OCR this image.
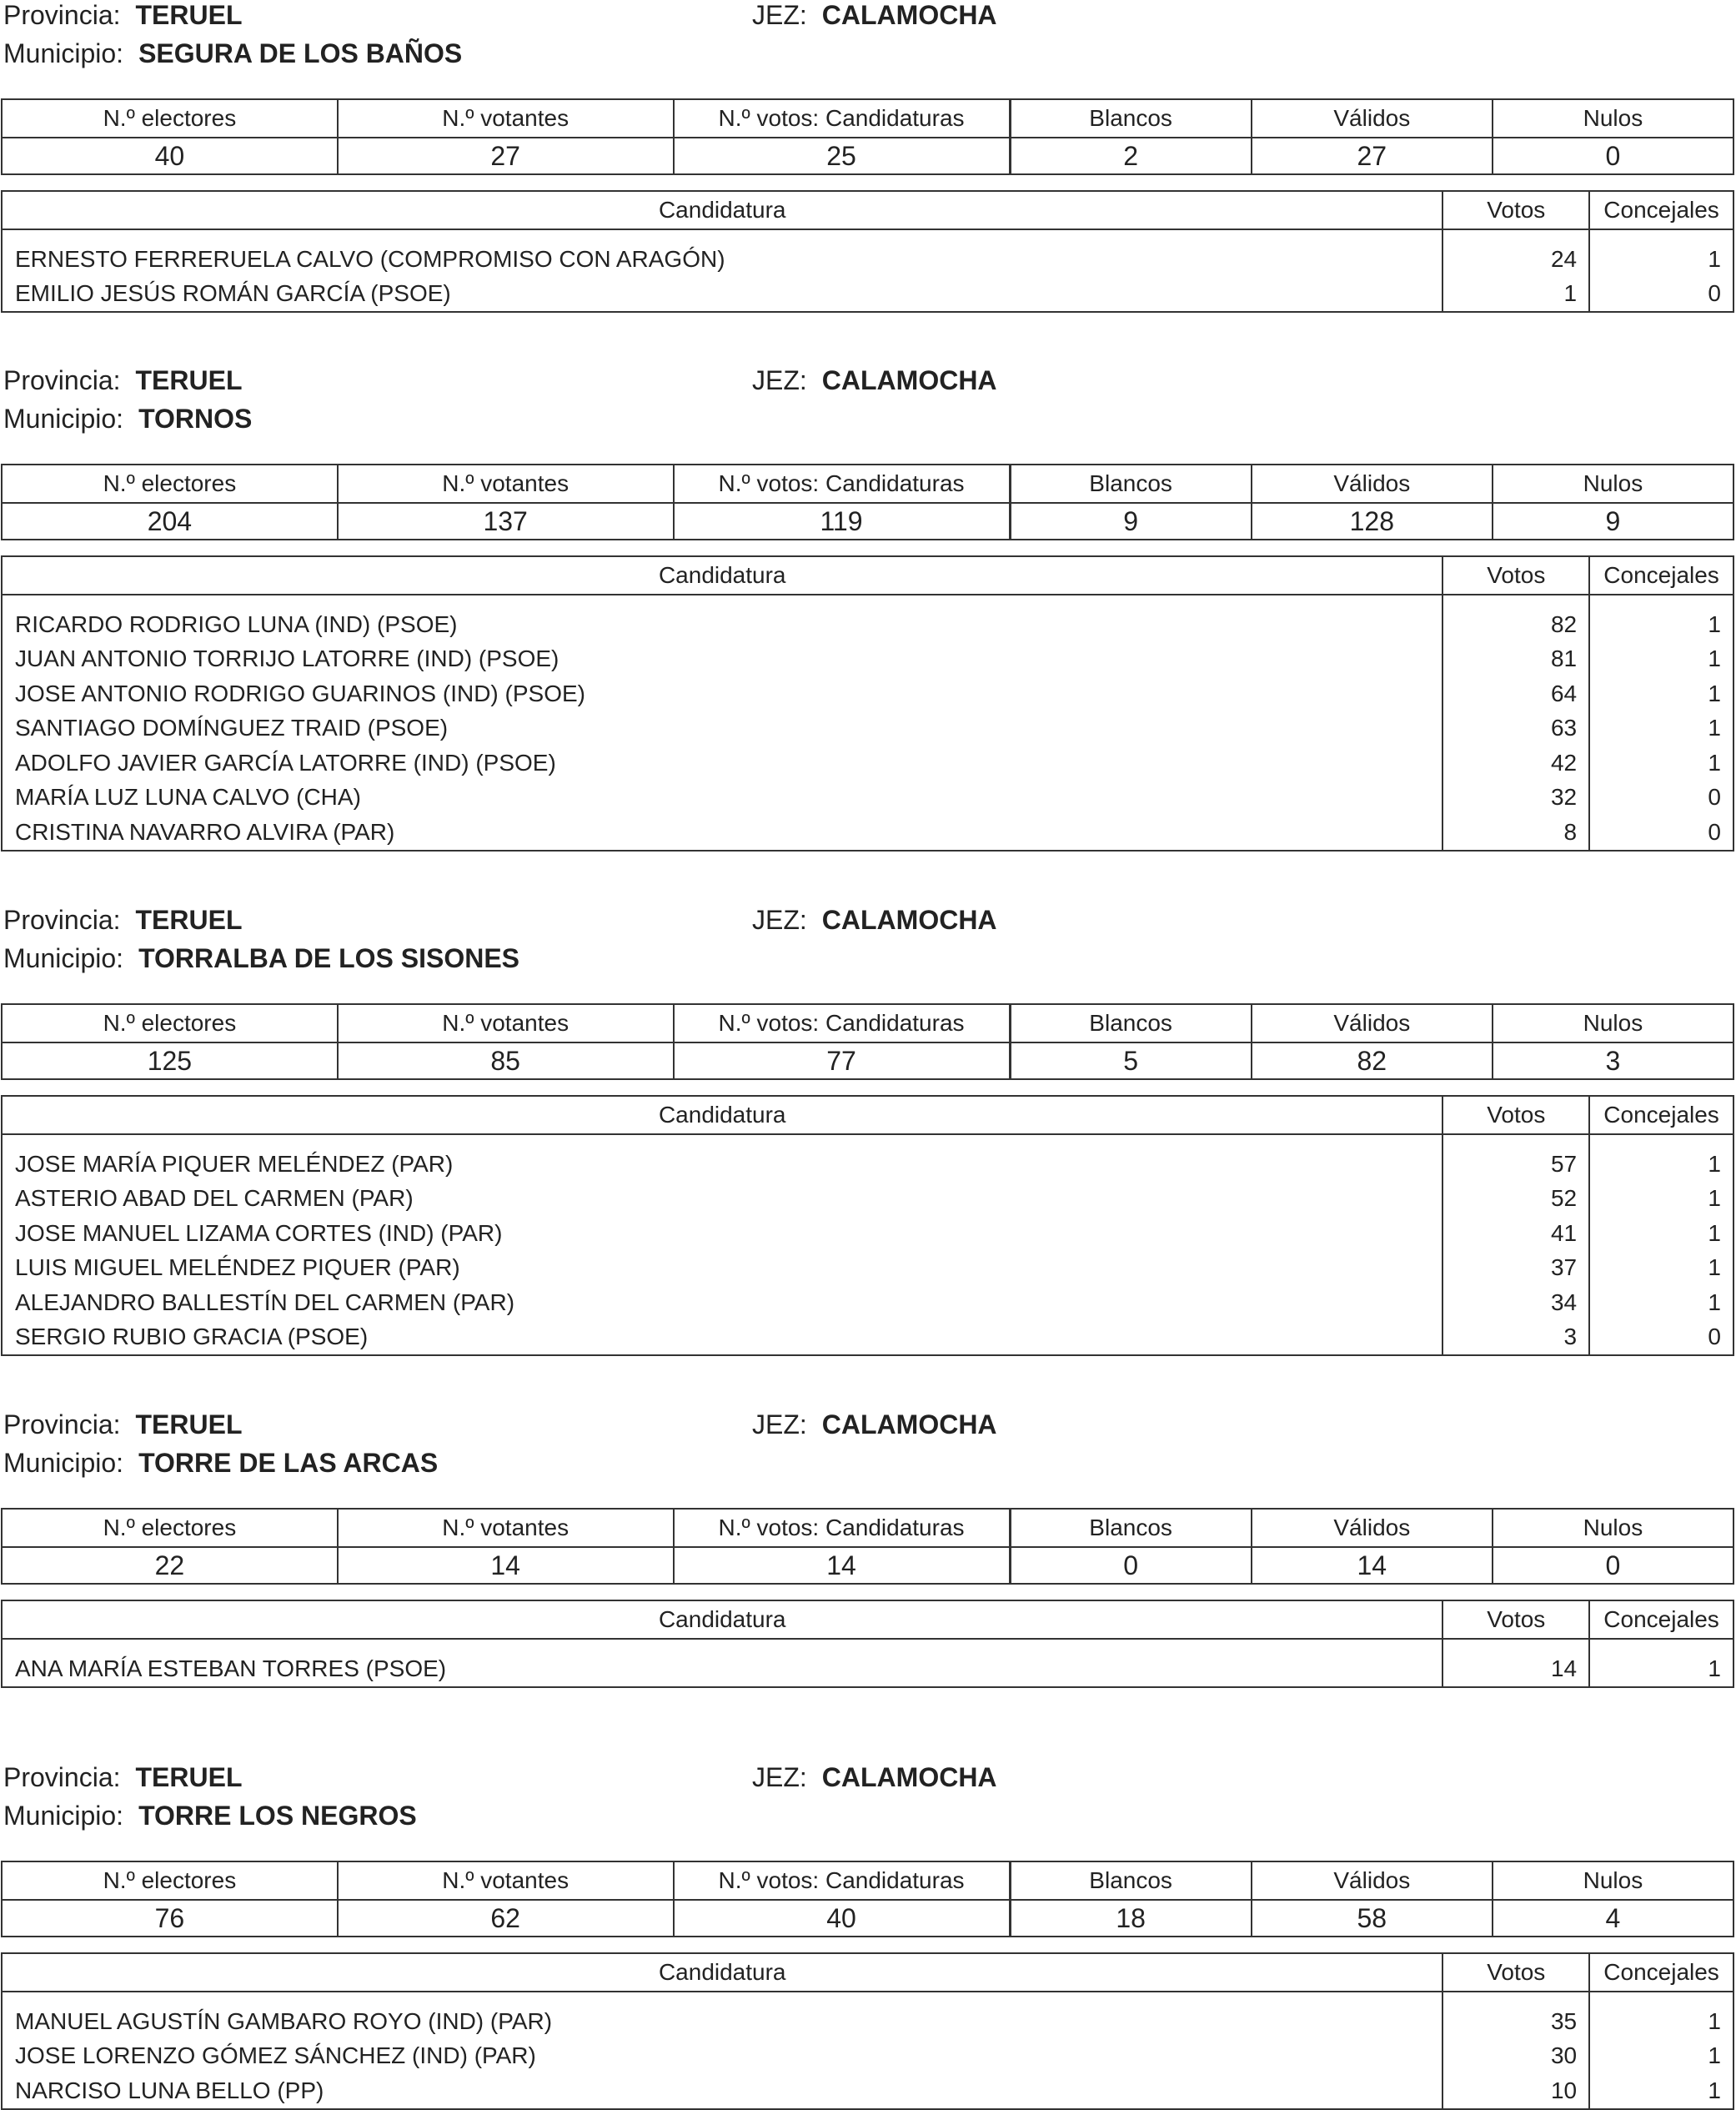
Provincia: TERUEL	JEZ: CALAMOCHA
Municipio: SEGURA DE LOS BAÑOS
N.º electores	N.º votantes	N.º votos: Candidaturas	Blancos	Válidos	Nulos
40	27	25	2	27	0
Candidatura	Votos	Concejales
ERNESTO FERRERUELA CALVO (COMPROMISO CON ARAGÓN)	24	1
EMILIO JESÚS ROMÁN GARCÍA (PSOE)	1	0
Provincia: TERUEL	JEZ: CALAMOCHA
Municipio: TORNOS
N.º electores	N.º votantes	N.º votos: Candidaturas	Blancos	Válidos	Nulos
204	137	119	9	128	9
Candidatura	Votos	Concejales
RICARDO RODRIGO LUNA (IND) (PSOE)	82	1
JUAN ANTONIO TORRIJO LATORRE (IND) (PSOE)	81	1
JOSE ANTONIO RODRIGO GUARINOS (IND) (PSOE)	64	1
SANTIAGO DOMÍNGUEZ TRAID (PSOE)	63	1
ADOLFO JAVIER GARCÍA LATORRE (IND) (PSOE)	42	1
MARÍA LUZ LUNA CALVO (CHA)	32	0
CRISTINA NAVARRO ALVIRA (PAR)	8	0
Provincia: TERUEL	JEZ: CALAMOCHA
Municipio: TORRALBA DE LOS SISONES
N.º electores	N.º votantes	N.º votos: Candidaturas	Blancos	Válidos	Nulos
125	85	77	5	82	3
Candidatura	Votos	Concejales
JOSE MARÍA PIQUER MELÉNDEZ (PAR)	57	1
ASTERIO ABAD DEL CARMEN (PAR)	52	1
JOSE MANUEL LIZAMA CORTES (IND) (PAR)	41	1
LUIS MIGUEL MELÉNDEZ PIQUER (PAR)	37	1
ALEJANDRO BALLESTÍN DEL CARMEN (PAR)	34	1
SERGIO RUBIO GRACIA (PSOE)	3	0
Provincia: TERUEL	JEZ: CALAMOCHA
Municipio: TORRE DE LAS ARCAS
N.º electores	N.º votantes	N.º votos: Candidaturas	Blancos	Válidos	Nulos
22	14	14	0	14	0
Candidatura	Votos	Concejales
ANA MARÍA ESTEBAN TORRES (PSOE)	14	1
Provincia: TERUEL	JEZ: CALAMOCHA
Municipio: TORRE LOS NEGROS
N.º electores	N.º votantes	N.º votos: Candidaturas	Blancos	Válidos	Nulos
76	62	40	18	58	4
Candidatura	Votos	Concejales
MANUEL AGUSTÍN GAMBARO ROYO (IND) (PAR)	35	1
JOSE LORENZO GÓMEZ SÁNCHEZ (IND) (PAR)	30	1
NARCISO LUNA BELLO (PP)	10	1
